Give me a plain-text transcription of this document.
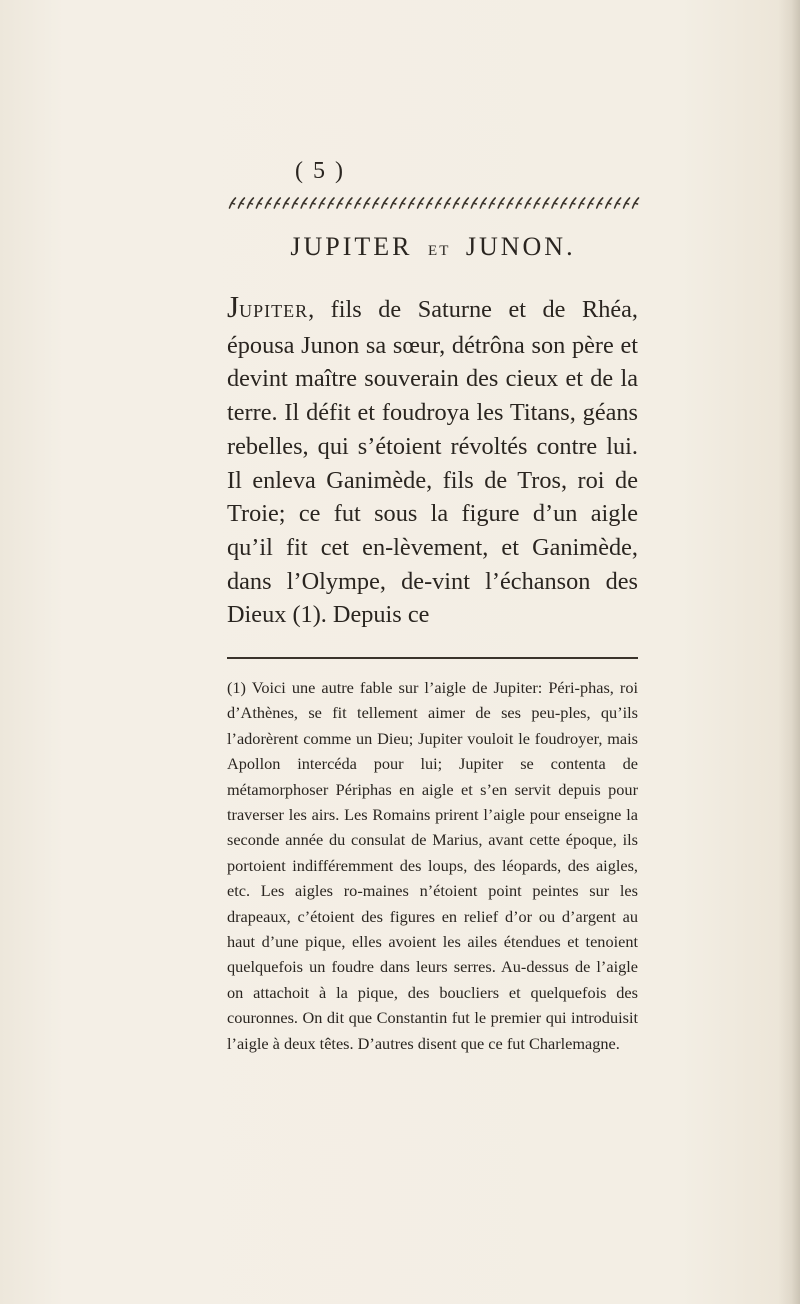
( 5 )
JUPITER ET JUNON.
JUPITER, fils de Saturne et de Rhéa, épousa Junon sa sœur, détrôna son père et devint maître souverain des cieux et de la terre. Il défit et foudroya les Titans, géans rebelles, qui s’étoient révoltés contre lui. Il enleva Ganimède, fils de Tros, roi de Troie; ce fut sous la figure d’un aigle qu’il fit cet en-lèvement, et Ganimède, dans l’Olympe, de-vint l’échanson des Dieux (1). Depuis ce
(1) Voici une autre fable sur l’aigle de Jupiter: Péri-phas, roi d’Athènes, se fit tellement aimer de ses peu-ples, qu’ils l’adorèrent comme un Dieu; Jupiter vouloit le foudroyer, mais Apollon intercéda pour lui; Jupiter se contenta de métamorphoser Périphas en aigle et s’en servit depuis pour traverser les airs. Les Romains prirent l’aigle pour enseigne la seconde année du consulat de Marius, avant cette époque, ils portoient indifféremment des loups, des léopards, des aigles, etc. Les aigles ro-maines n’étoient point peintes sur les drapeaux, c’étoient des figures en relief d’or ou d’argent au haut d’une pique, elles avoient les ailes étendues et tenoient quelquefois un foudre dans leurs serres. Au-dessus de l’aigle on attachoit à la pique, des boucliers et quelquefois des couronnes. On dit que Constantin fut le premier qui introduisit l’aigle à deux têtes. D’autres disent que ce fut Charlemagne.
